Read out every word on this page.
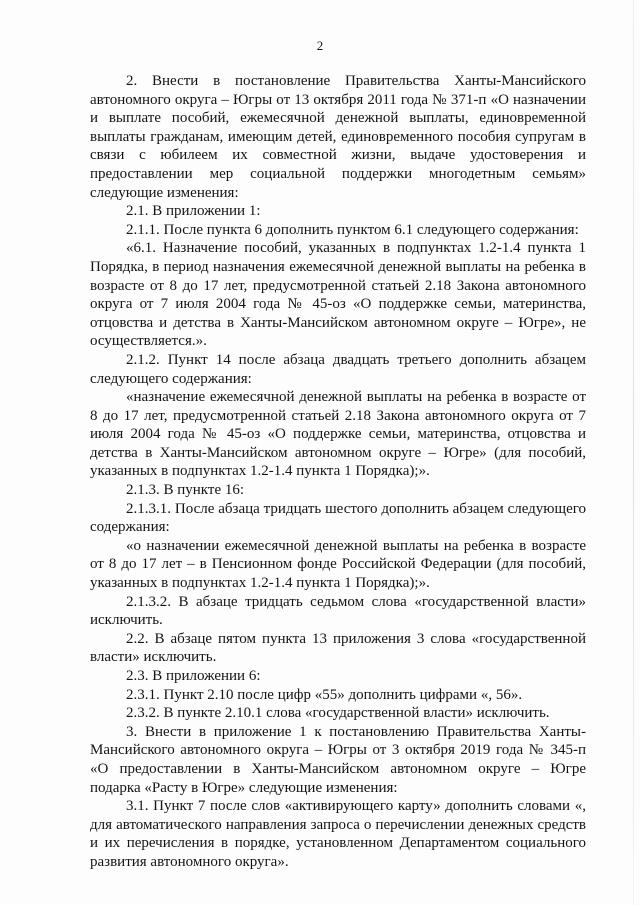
2

2. Внести в постановление Правительства Ханты-Мансийского автономного округа – Югры от 13 октября 2011 года № 371-п «О назначении и выплате пособий, ежемесячной денежной выплаты, единовременной выплаты гражданам, имеющим детей, единовременного пособия супругам в связи с юбилеем их совместной жизни, выдаче удостоверения и предоставлении мер социальной поддержки многодетным семьям» следующие изменения:

2.1. В приложении 1:

2.1.1. После пункта 6 дополнить пунктом 6.1 следующего содержания:

«6.1. Назначение пособий, указанных в подпунктах 1.2-1.4 пункта 1 Порядка, в период назначения ежемесячной денежной выплаты на ребенка в возрасте от 8 до 17 лет, предусмотренной статьей 2.18 Закона автономного округа от 7 июля 2004 года № 45-оз «О поддержке семьи, материнства, отцовства и детства в Ханты-Мансийском автономном округе – Югре», не осуществляется.».

2.1.2. Пункт 14 после абзаца двадцать третьего дополнить абзацем следующего содержания:

«назначение ежемесячной денежной выплаты на ребенка в возрасте от 8 до 17 лет, предусмотренной статьей 2.18 Закона автономного округа от 7 июля 2004 года № 45-оз «О поддержке семьи, материнства, отцовства и детства в Ханты-Мансийском автономном округе – Югре» (для пособий, указанных в подпунктах 1.2-1.4 пункта 1 Порядка);».

2.1.3. В пункте 16:

2.1.3.1. После абзаца тридцать шестого дополнить абзацем следующего содержания:

«о назначении ежемесячной денежной выплаты на ребенка в возрасте от 8 до 17 лет – в Пенсионном фонде Российской Федерации (для пособий, указанных в подпунктах 1.2-1.4 пункта 1 Порядка);».

2.1.3.2. В абзаце тридцать седьмом слова «государственной власти» исключить.

2.2. В абзаце пятом пункта 13 приложения 3 слова «государственной власти» исключить.

2.3. В приложении 6:

2.3.1. Пункт 2.10 после цифр «55» дополнить цифрами «, 56».

2.3.2. В пункте 2.10.1 слова «государственной власти» исключить.

3. Внести в приложение 1 к постановлению Правительства Ханты-Мансийского автономного округа – Югры от 3 октября 2019 года № 345-п «О предоставлении в Ханты-Мансийском автономном округе – Югре подарка «Расту в Югре» следующие изменения:

3.1. Пункт 7 после слов «активирующего карту» дополнить словами «, для автоматического направления запроса о перечислении денежных средств и их перечисления в порядке, установленном Департаментом социального развития автономного округа».
